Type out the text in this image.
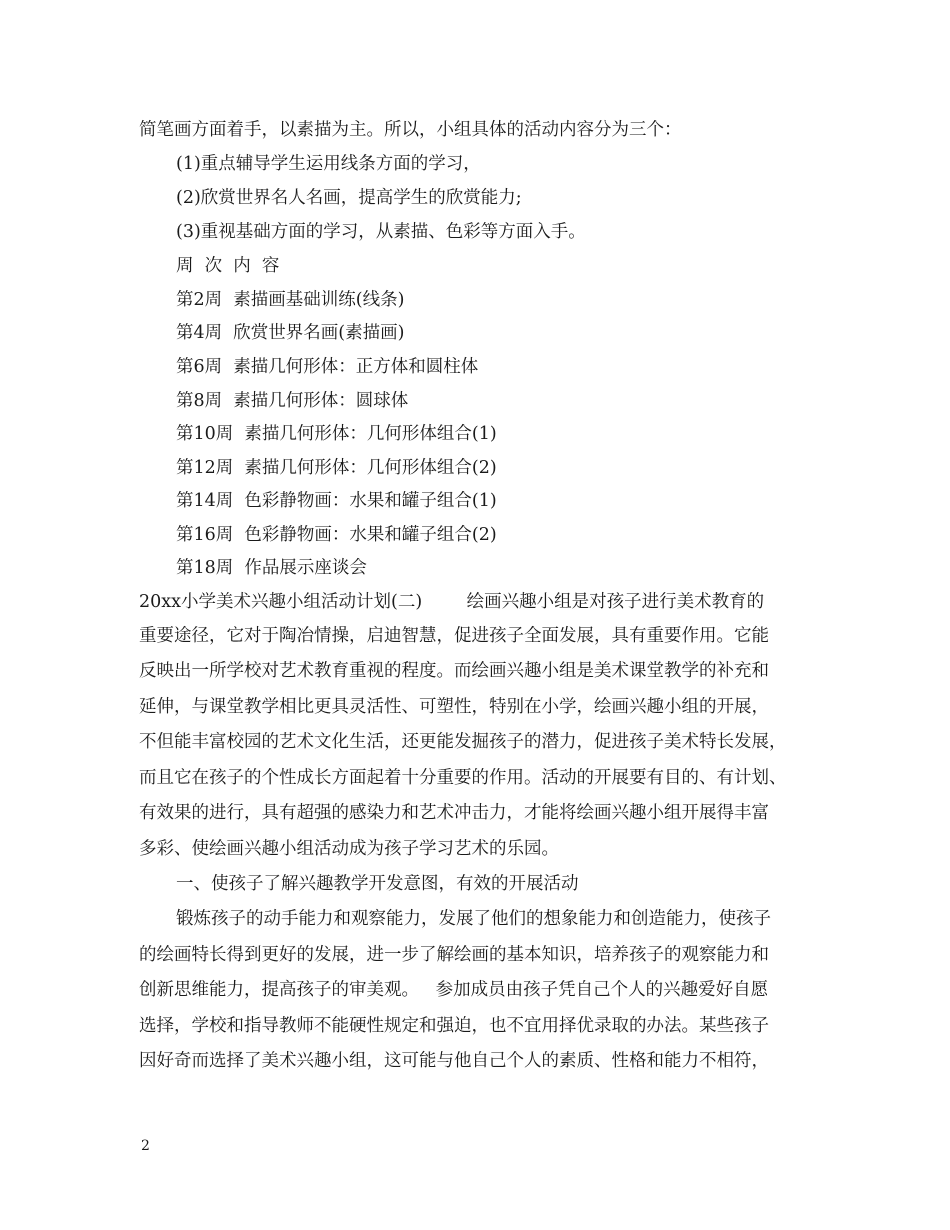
简笔画方面着手，以素描为主。所以，小组具体的活动内容分为三个：
(1)重点辅导学生运用线条方面的学习，
(2)欣赏世界名人名画，提高学生的欣赏能力;
(3)重视基础方面的学习，从素描、色彩等方面入手。
周  次  内  容
第2周  素描画基础训练(线条)
第4周  欣赏世界名画(素描画)
第6周  素描几何形体：正方体和圆柱体
第8周  素描几何形体：圆球体
第10周  素描几何形体：几何形体组合(1)
第12周  素描几何形体：几何形体组合(2)
第14周  色彩静物画：水果和罐子组合(1)
第16周  色彩静物画：水果和罐子组合(2)
第18周  作品展示座谈会
20xx小学美术兴趣小组活动计划(二)        绘画兴趣小组是对孩子进行美术教育的
重要途径，它对于陶冶情操，启迪智慧，促进孩子全面发展，具有重要作用。它能
反映出一所学校对艺术教育重视的程度。而绘画兴趣小组是美术课堂教学的补充和
延伸，与课堂教学相比更具灵活性、可塑性，特别在小学，绘画兴趣小组的开展，
不但能丰富校园的艺术文化生活，还更能发掘孩子的潜力，促进孩子美术特长发展，
而且它在孩子的个性成长方面起着十分重要的作用。活动的开展要有目的、有计划、
有效果的进行，具有超强的感染力和艺术冲击力，才能将绘画兴趣小组开展得丰富
多彩、使绘画兴趣小组活动成为孩子学习艺术的乐园。
一、使孩子了解兴趣教学开发意图，有效的开展活动
锻炼孩子的动手能力和观察能力，发展了他们的想象能力和创造能力，使孩子
的绘画特长得到更好的发展，进一步了解绘画的基本知识，培养孩子的观察能力和
创新思维能力，提高孩子的审美观。   参加成员由孩子凭自己个人的兴趣爱好自愿
选择，学校和指导教师不能硬性规定和强迫，也不宜用择优录取的办法。某些孩子
因好奇而选择了美术兴趣小组，这可能与他自己个人的素质、性格和能力不相符，
2
